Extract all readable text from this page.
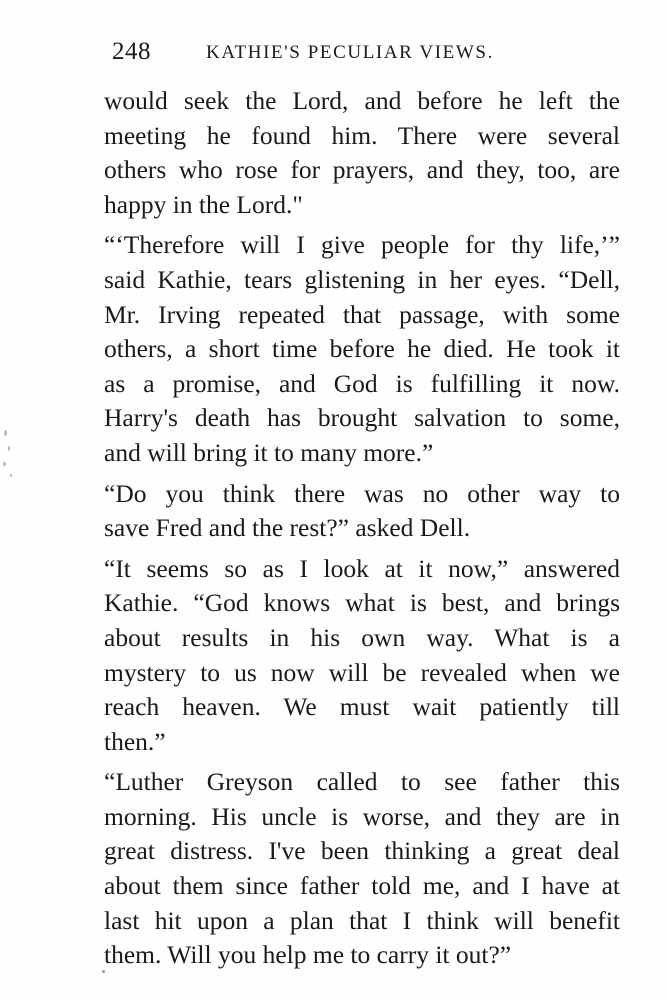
248	KATHIE'S PECULIAR VIEWS.
would seek the Lord, and before he left the
meeting he found him. There were several
others who rose for prayers, and they, too, are
happy in the Lord."
“‘Therefore will I give people for thy life,’”
said Kathie, tears glistening in her eyes. “Dell,
Mr. Irving repeated that passage, with some
others, a short time before he died. He took it
as a promise, and God is fulfilling it now.
Harry's death has brought salvation to some,
and will bring it to many more.”
“Do you think there was no other way to
save Fred and the rest?” asked Dell.
“It seems so as I look at it now,” answered
Kathie. “God knows what is best, and brings
about results in his own way. What is a
mystery to us now will be revealed when we
reach heaven. We must wait patiently till
then.”
“Luther Greyson called to see father this
morning. His uncle is worse, and they are in
great distress. I've been thinking a great deal
about them since father told me, and I have at
last hit upon a plan that I think will benefit
them. Will you help me to carry it out?”
